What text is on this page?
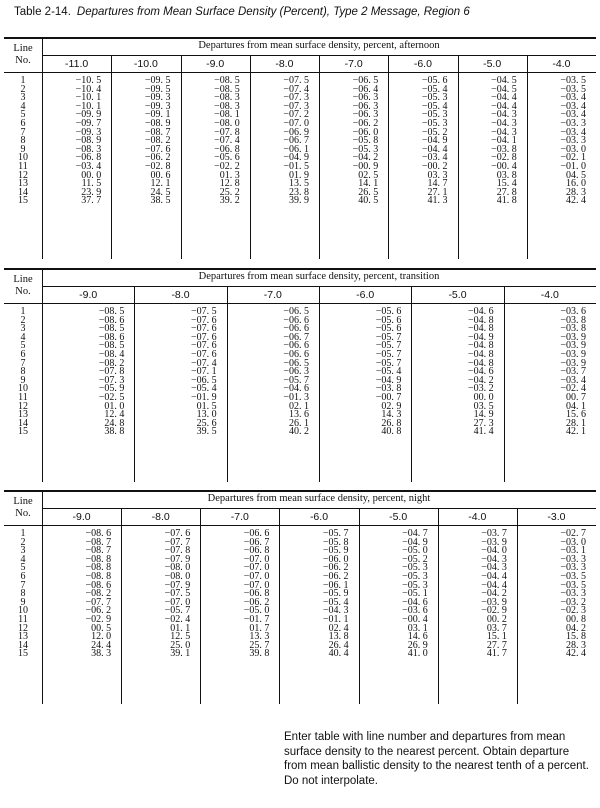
Table 2-14. Departures from Mean Surface Density (Percent), Type 2 Message, Region 6
Line
No.
Departures from mean surface density, percent, afternoon
1
2
3
4
5
6
7
8
9
10
11
12
13
14
15
-11.0
−10. 5
−10. 4
−10. 1
−10. 1
−09. 9
−09. 7
−09. 3
−08. 9
−08. 3
−06. 8
−03. 4
00. 0
11. 5
23. 9
37. 7
-10.0
−09. 5
−09. 5
−09. 3
−09. 3
−09. 1
−08. 9
−08. 7
−08. 2
−07. 6
−06. 2
−02. 8
00. 6
12. 1
24. 5
38. 5
-9.0
−08. 5
−08. 5
−08. 3
−08. 3
−08. 1
−08. 0
−07. 8
−07. 4
−06. 8
−05. 6
−02. 2
01. 3
12. 8
25. 2
39. 2
-8.0
−07. 5
−07. 4
−07. 3
−07. 3
−07. 2
−07. 0
−06. 9
−06. 7
−06. 1
−04. 9
−01. 5
01. 9
13. 5
23. 8
39. 9
-7.0
−06. 5
−06. 4
−06. 3
−06. 3
−06. 3
−06. 2
−06. 0
−05. 8
−05. 3
−04. 2
−00. 9
02. 5
14. 1
26. 5
40. 5
-6.0
−05. 6
−05. 4
−05. 3
−05. 4
−05. 3
−05. 3
−05. 2
−04. 9
−04. 4
−03. 4
−00. 2
03. 3
14. 7
27. 1
41. 3
-5.0
−04. 5
−04. 5
−04. 4
−04. 4
−04. 3
−04. 3
−04. 3
−04. 1
−03. 8
−02. 8
−00. 4
03. 8
15. 4
27. 8
41. 8
-4.0
−03. 5
−03. 5
−03. 4
−03. 4
−03. 4
−03. 3
−03. 4
−03. 3
−03. 0
−02. 1
−01. 0
04. 5
16. 0
28. 3
42. 4
Line
No.
Departures from mean surface density, percent, transition
1
2
3
4
5
6
7
8
9
10
11
12
13
14
15
-9.0
−08. 5
−08. 6
−08. 5
−08. 6
−08. 5
−08. 4
−08. 2
−07. 8
−07. 3
−05. 9
−02. 5
01. 0
12. 4
24. 8
38. 8
-8.0
−07. 5
−07. 6
−07. 6
−07. 6
−07. 6
−07. 6
−07. 4
−07. 1
−06. 5
−05. 4
−01. 9
01. 5
13. 0
25. 6
39. 5
-7.0
−06. 5
−06. 6
−06. 6
−06. 7
−06. 6
−06. 6
−06. 5
−06. 3
−05. 7
−04. 6
−01. 3
02. 1
13. 6
26. 1
40. 2
-6.0
−05. 6
−05. 6
−05. 6
−05. 7
−05. 7
−05. 7
−05. 7
−05. 4
−04. 9
−03. 8
−00. 7
02. 9
14. 3
26. 8
40. 8
-5.0
−04. 6
−04. 8
−04. 8
−04. 9
−04. 8
−04. 8
−04. 8
−04. 6
−04. 2
−03. 2
00. 0
03. 5
14. 9
27. 3
41. 4
-4.0
−03. 6
−03. 8
−03. 8
−03. 9
−03. 9
−03. 9
−03. 9
−03. 7
−03. 4
−02. 4
00. 7
04. 1
15. 6
28. 1
42. 1
Line
No.
Departures from mean surface density, percent, night
1
2
3
4
5
6
7
8
9
10
11
12
13
14
15
-9.0
−08. 6
−08. 7
−08. 7
−08. 8
−08. 8
−08. 8
−08. 6
−08. 2
−07. 7
−06. 2
−02. 9
00. 5
12. 0
24. 4
38. 3
-8.0
−07. 6
−07. 7
−07. 8
−07. 9
−08. 0
−08. 0
−07. 9
−07. 5
−07. 0
−05. 7
−02. 4
01. 1
12. 5
25. 0
39. 1
-7.0
−06. 6
−06. 7
−06. 8
−07. 0
−07. 0
−07. 0
−07. 0
−06. 8
−06. 2
−05. 0
−01. 7
01. 7
13. 3
25. 7
39. 8
-6.0
−05. 7
−05. 8
−05. 9
−06. 0
−06. 2
−06. 2
−06. 1
−05. 9
−05. 4
−04. 3
−01. 1
02. 4
13. 8
26. 4
40. 4
-5.0
−04. 7
−04. 9
−05. 0
−05. 2
−05. 3
−05. 3
−05. 3
−05. 1
−04. 6
−03. 6
−00. 4
03. 1
14. 6
26. 9
41. 0
-4.0
−03. 7
−03. 9
−04. 0
−04. 3
−04. 3
−04. 4
−04. 4
−04. 2
−03. 9
−02. 9
00. 2
03. 7
15. 1
27. 7
41. 7
-3.0
−02. 7
−03. 0
−03. 1
−03. 3
−03. 3
−03. 5
−03. 5
−03. 3
−03. 2
−02. 3
00. 8
04. 2
15. 8
28. 3
42. 4
Enter table with line number and departures from mean surface density to the nearest percent. Obtain departure from mean ballistic density to the nearest tenth of a percent. Do not interpolate.
